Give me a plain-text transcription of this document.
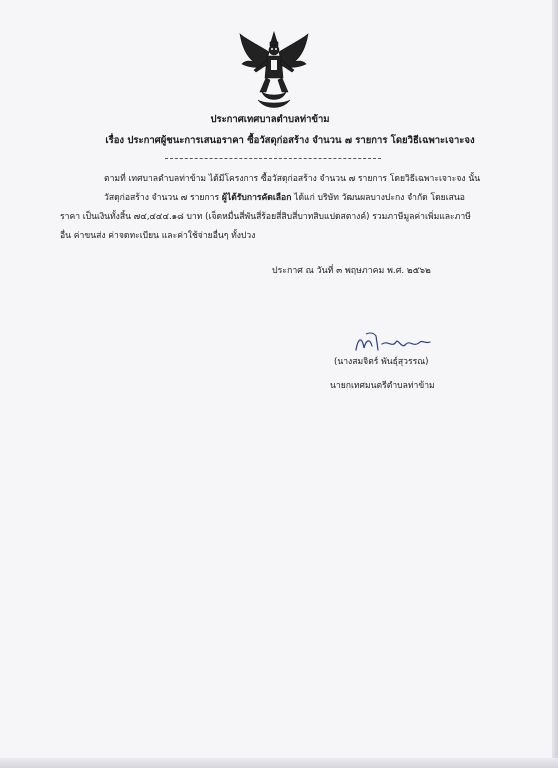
ประกาศเทศบาลตำบลท่าข้าม
เรื่อง ประกาศผู้ชนะการเสนอราคา ซื้อวัสดุก่อสร้าง จำนวน ๗ รายการ โดยวิธีเฉพาะเจาะจง
ตามที่ เทศบาลตำบลท่าข้าม ได้มีโครงการ ซื้อวัสดุก่อสร้าง จำนวน ๗ รายการ โดยวิธีเฉพาะเจาะจง นั้น
วัสดุก่อสร้าง จำนวน ๗ รายการ ผู้ได้รับการคัดเลือก ได้แก่ บริษัท วัฒนผลบางปะกง จำกัด โดยเสนอ
ราคา เป็นเงินทั้งสิ้น ๗๔,๔๔๔.๑๘ บาท (เจ็ดหมื่นสี่พันสี่ร้อยสี่สิบสี่บาทสิบแปดสตางค์) รวมภาษีมูลค่าเพิ่มและภาษี
อื่น ค่าขนส่ง ค่าจดทะเบียน และค่าใช้จ่ายอื่นๆ ทั้งปวง
ประกาศ ณ วันที่ ๓ พฤษภาคม พ.ศ. ๒๕๖๒
(นางสมจิตร์ พันธุ์สุวรรณ)
นายกเทศมนตรีตำบลท่าข้าม
